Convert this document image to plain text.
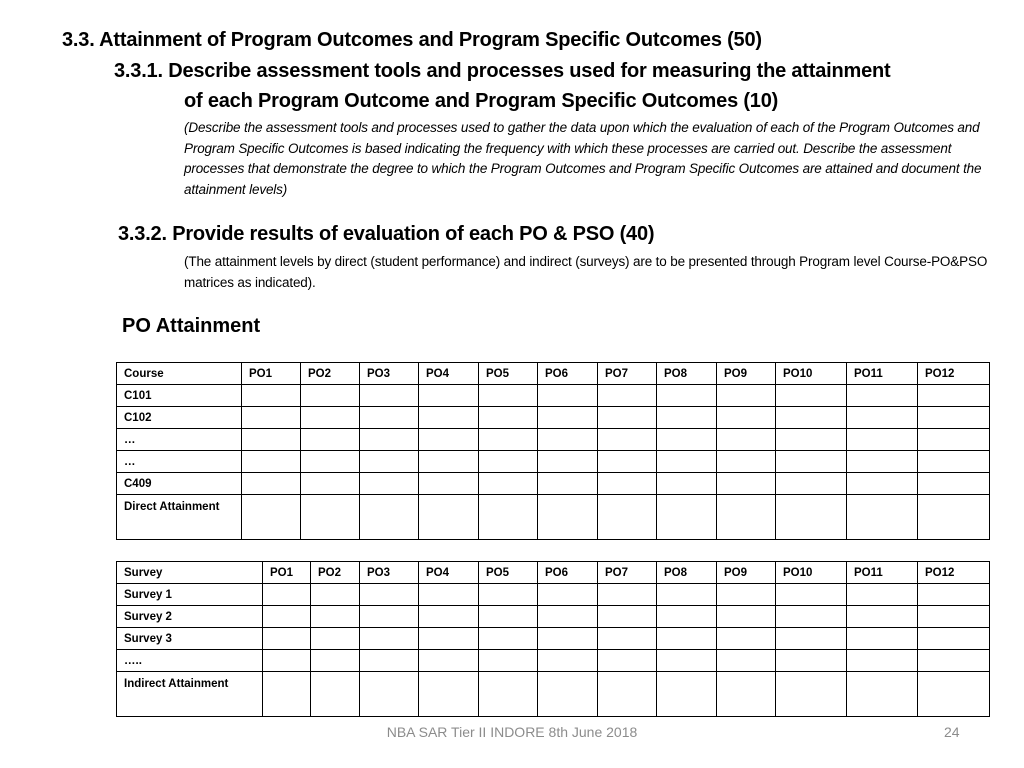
3.3. Attainment of Program Outcomes and Program Specific Outcomes (50)
3.3.1. Describe assessment tools and processes used for measuring the attainment
of each Program Outcome and Program Specific Outcomes (10)
(Describe the assessment tools and processes used to gather the data upon which the evaluation of each of the Program Outcomes and Program Specific Outcomes is based indicating the frequency with which these processes are carried out. Describe the assessment processes that demonstrate the degree to which the Program Outcomes and Program Specific Outcomes are attained and document the attainment levels)
3.3.2. Provide results of evaluation of each PO & PSO (40)
(The attainment levels by direct (student performance) and indirect (surveys) are to be presented through Program level Course-PO&PSO matrices as indicated).
PO Attainment
Course	PO1	PO2	PO3	PO4	PO5	PO6	PO7	PO8	PO9	PO10	PO11	PO12
C101												
C102												
…												
…												
C409												
Direct Attainment												
Survey	PO1	PO2	PO3	PO4	PO5	PO6	PO7	PO8	PO9	PO10	PO11	PO12
Survey 1												
Survey 2												
Survey 3												
…..												
Indirect Attainment												
NBA SAR Tier II INDORE 8th June 2018	24
